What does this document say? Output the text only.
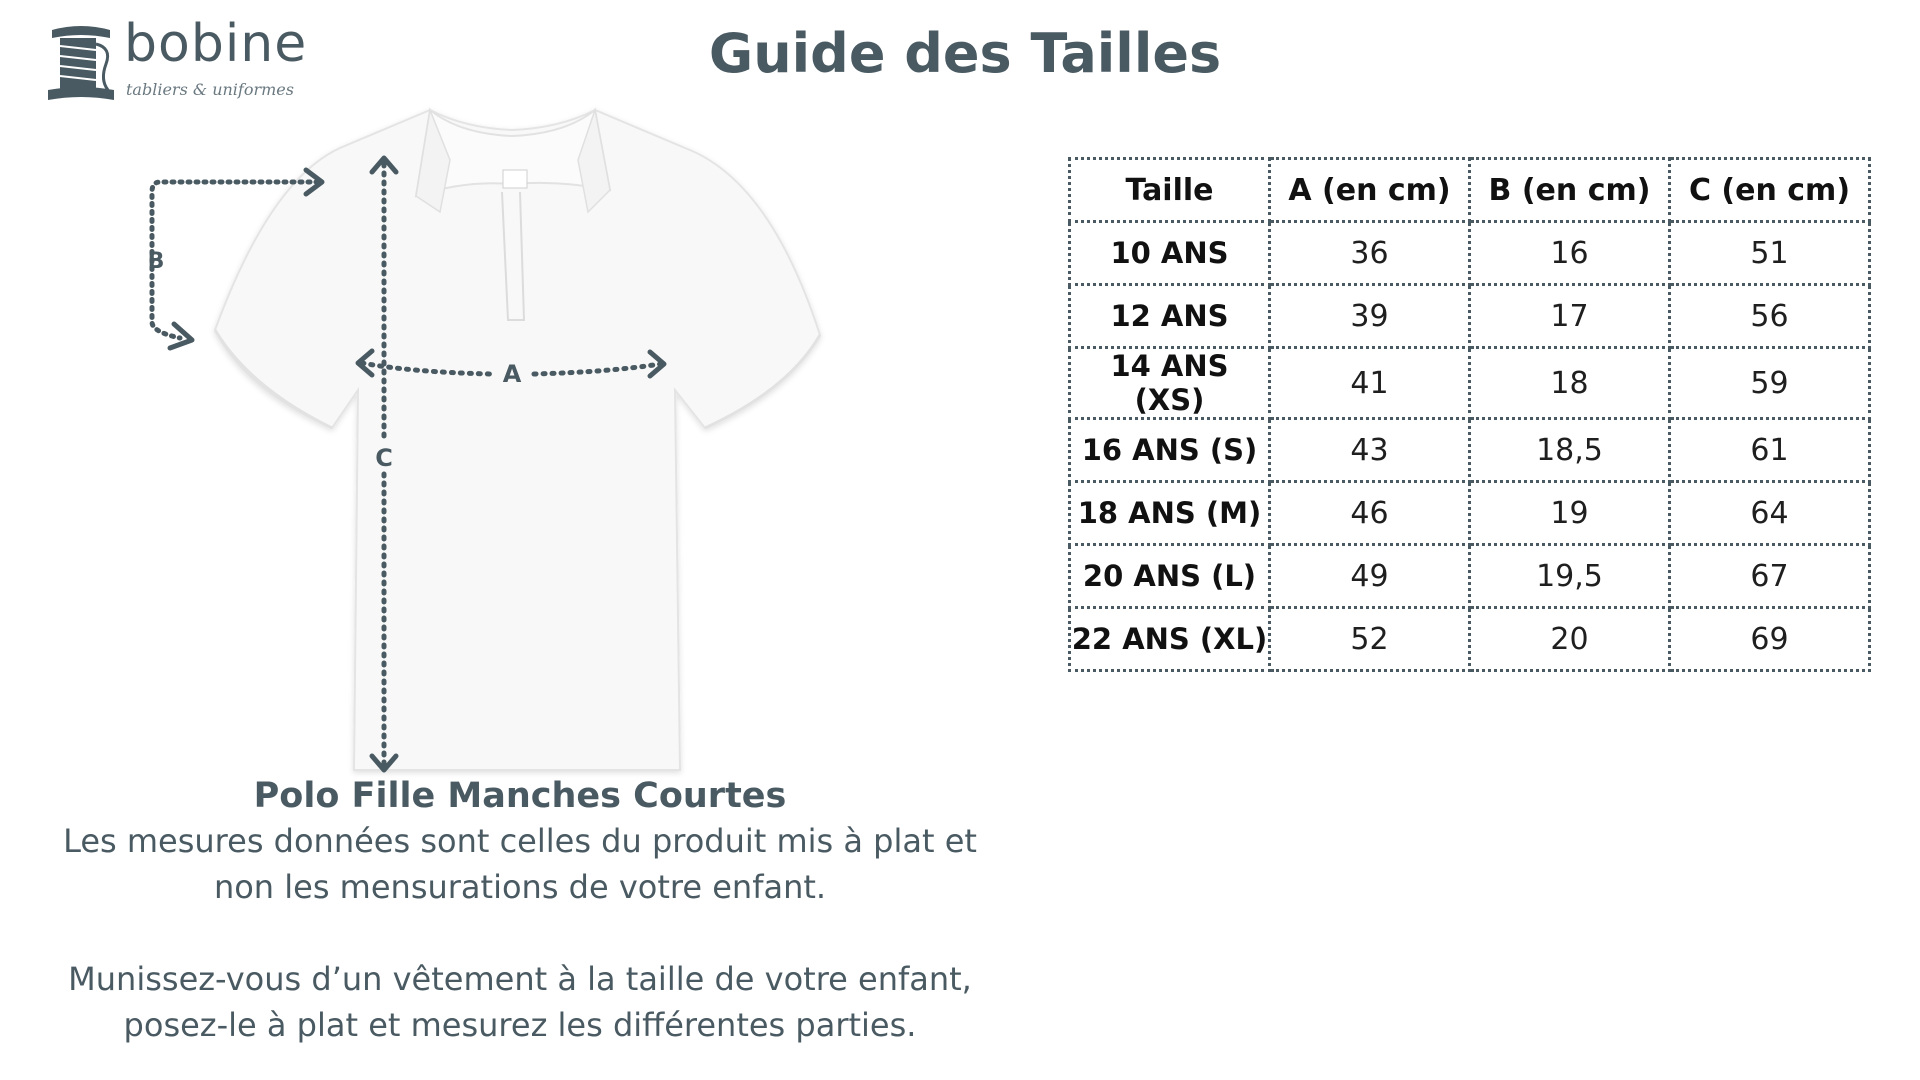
bobine
tabliers & uniformes
Guide des Tailles
B
C
A

Polo Fille Manches Courtes

Les mesures données sont celles du produit mis à plat et
non les mensurations de votre enfant.

Munissez-vous d’un vêtement à la taille de votre enfant,
posez-le à plat et mesurez les différentes parties.

Taille	A (en cm)	B (en cm)	C (en cm)
10 ANS	36	16	51
12 ANS	39	17	56
14 ANS (XS)	41	18	59
16 ANS (S)	43	18,5	61
18 ANS (M)	46	19	64
20 ANS (L)	49	19,5	67
22 ANS (XL)	52	20	69
